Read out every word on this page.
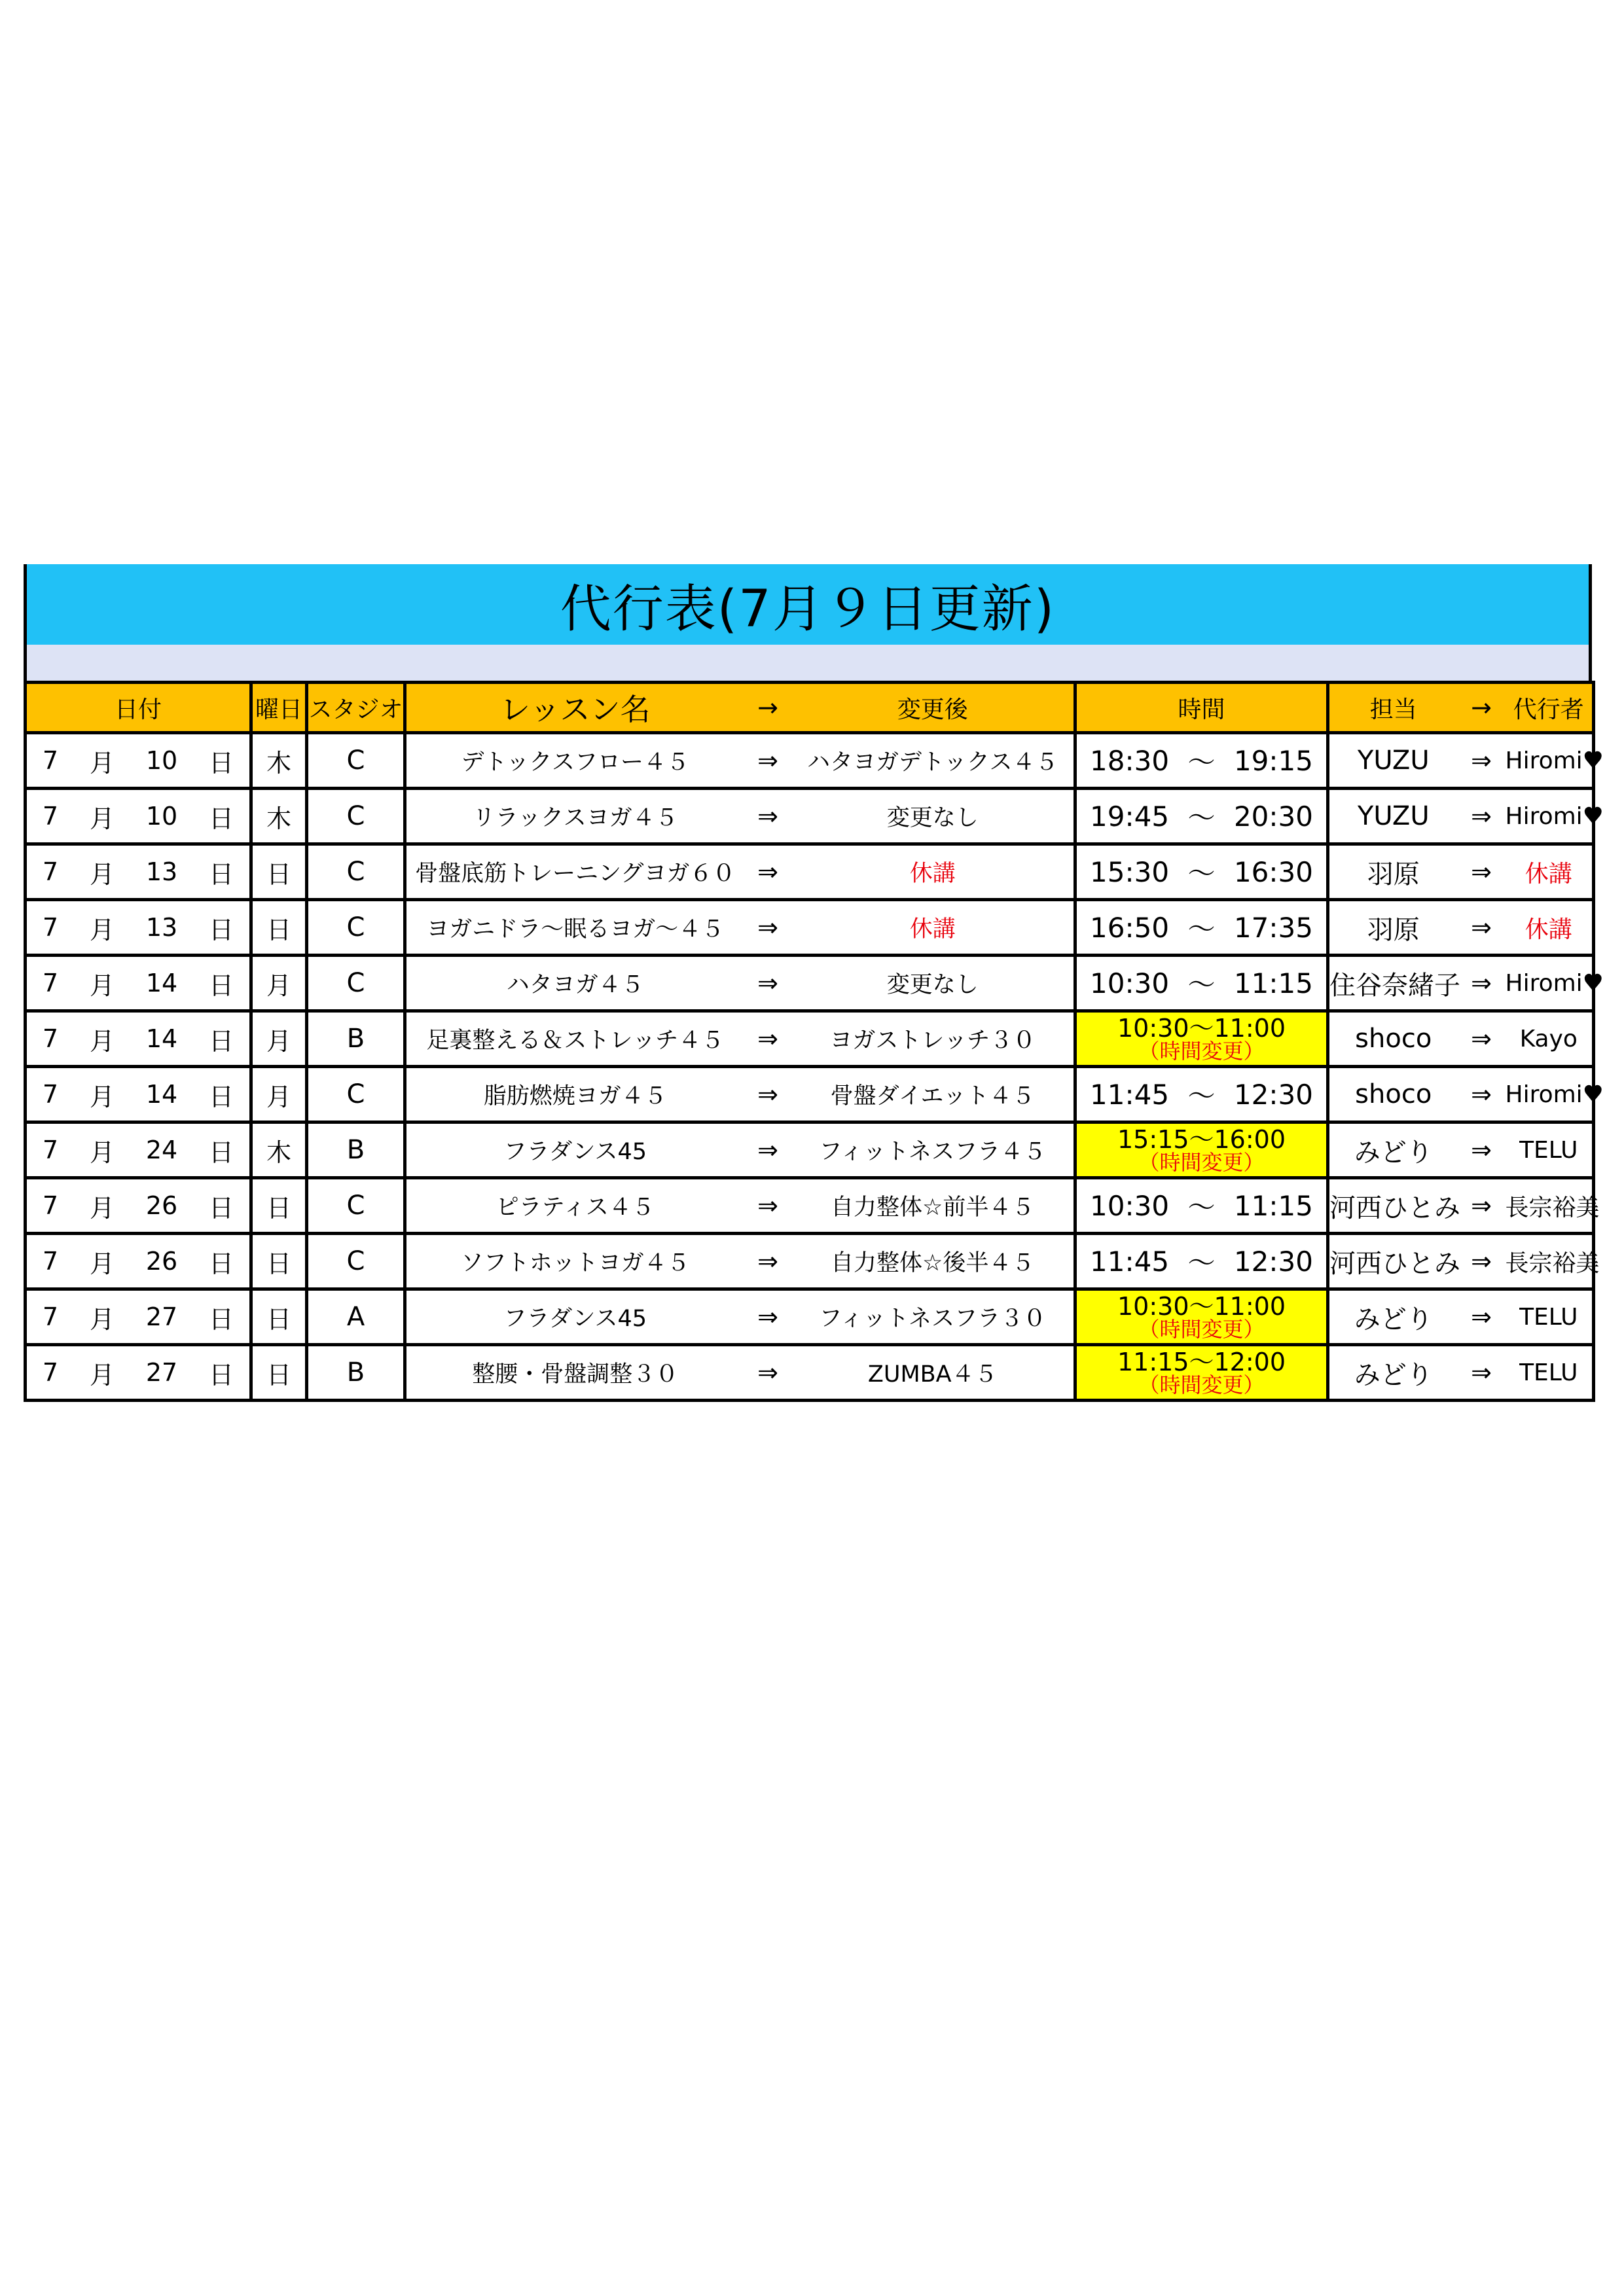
代行表(7月９日更新)
日付	曜日	スタジオ	レッスン名	→	変更後	時間	担当	→	代行者

7 月 10 日	木	C	デトックスフロー４５	⇒	ハタヨガデトックス４５	18:30 ～ 19:15	YUZU	⇒	Hiromi♥

7 月 10 日	木	C	リラックスヨガ４５	⇒	変更なし	19:45 ～ 20:30	YUZU	⇒	Hiromi♥

7 月 13 日	日	C	骨盤底筋トレーニングヨガ６０	⇒	休講	15:30 ～ 16:30	羽原	⇒	休講

7 月 13 日	日	C	ヨガニドラ～眠るヨガ～４５	⇒	休講	16:50 ～ 17:35	羽原	⇒	休講

7 月 14 日	月	C	ハタヨガ４５	⇒	変更なし	10:30 ～ 11:15	住谷奈緒子	⇒	Hiromi♥

7 月 14 日	月	B	足裏整える＆ストレッチ４５	⇒	ヨガストレッチ３０	10:30～11:00
（時間変更）	shoco	⇒	Kayo

7 月 14 日	月	C	脂肪燃焼ヨガ４５	⇒	骨盤ダイエット４５	11:45 ～ 12:30	shoco	⇒	Hiromi♥

7 月 24 日	木	B	フラダンス45	⇒	フィットネスフラ４５	15:15～16:00
（時間変更）	みどり	⇒	TELU

7 月 26 日	日	C	ピラティス４５	⇒	自力整体☆前半４５	10:30 ～ 11:15	河西ひとみ	⇒	長宗裕美

7 月 26 日	日	C	ソフトホットヨガ４５	⇒	自力整体☆後半４５	11:45 ～ 12:30	河西ひとみ	⇒	長宗裕美

7 月 27 日	日	A	フラダンス45	⇒	フィットネスフラ３０	10:30～11:00
（時間変更）	みどり	⇒	TELU

7 月 27 日	日	B	整腰・骨盤調整３０	⇒	ZUMBA４５	11:15～12:00
（時間変更）	みどり	⇒	TELU
